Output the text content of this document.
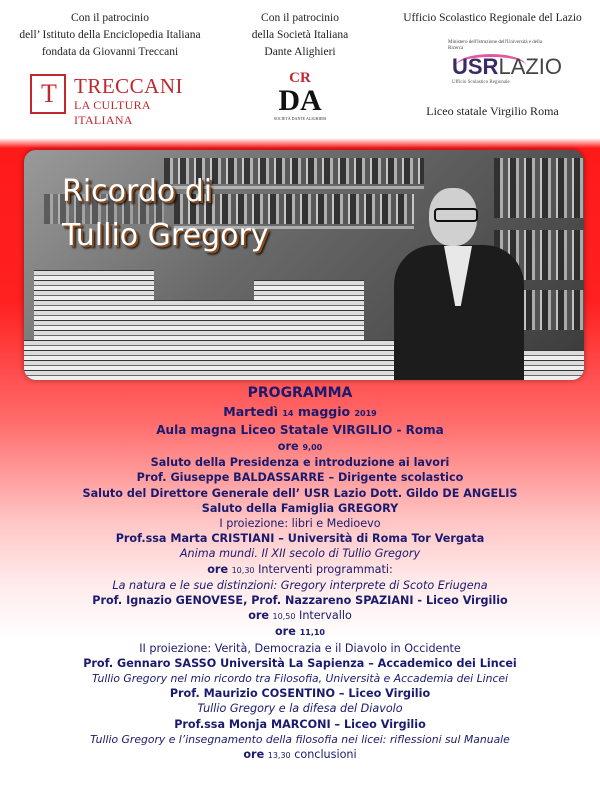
Con il patrocinio
dell’ Istituto della Enciclopedia Italiana
fondata da Giovanni Treccani
Con il patrocinio
della Società Italiana
Dante Alighieri
Ufficio Scolastico Regionale del Lazio
T TRECCANI
LA CULTURA ITALIANA
CR
DA
SOCIETÀ DANTE ALIGHIERI
Ministero dell'Istruzione dell'Università e della Ricerca
USRLAZIO
Ufficio Scolastico Regionale
Liceo statale Virgilio Roma
Ricordo di
Tullio Gregory
PROGRAMMA
Martedì 14 maggio 2019
Aula magna Liceo Statale VIRGILIO - Roma
ore 9,00
Saluto della Presidenza e introduzione ai lavori
Prof. Giuseppe BALDASSARRE – Dirigente scolastico
Saluto del Direttore Generale dell’ USR Lazio Dott. Gildo DE ANGELIS
Saluto della Famiglia GREGORY
I proiezione: libri e Medioevo
Prof.ssa Marta CRISTIANI – Università di Roma Tor Vergata
Anima mundi. Il XII secolo di Tullio Gregory
ore 10,30 Interventi programmati:
La natura e le sue distinzioni: Gregory interprete di Scoto Eriugena
Prof. Ignazio GENOVESE, Prof. Nazzareno SPAZIANI - Liceo Virgilio
ore 10,50 Intervallo
ore 11,10
II proiezione: Verità, Democrazia e il Diavolo in Occidente
Prof. Gennaro SASSO Università La Sapienza – Accademico dei Lincei
Tullio Gregory nel mio ricordo tra Filosofia, Università e Accademia dei Lincei
Prof. Maurizio COSENTINO – Liceo Virgilio
Tullio Gregory e la difesa del Diavolo
Prof.ssa Monja MARCONI – Liceo Virgilio
Tullio Gregory e l’insegnamento della filosofia nei licei: riflessioni sul Manuale
ore 13,30 conclusioni
